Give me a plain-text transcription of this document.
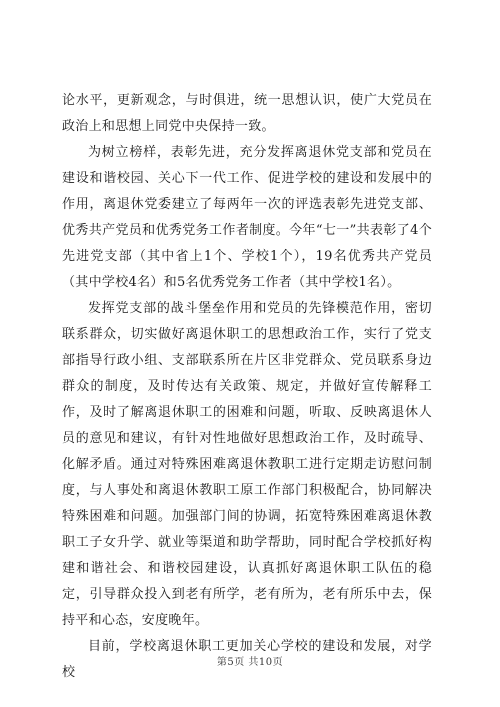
论水平，更新观念，与时俱进，统一思想认识，使广大党员在政治上和思想上同党中央保持一致。

为树立榜样，表彰先进，充分发挥离退休党支部和党员在建设和谐校园、关心下一代工作、促进学校的建设和发展中的作用，离退休党委建立了每两年一次的评选表彰先进党支部、优秀共产党员和优秀党务工作者制度。今年“七一”共表彰了4个先进党支部（其中省上1个、学校1个），19名优秀共产党员（其中学校4名）和5名优秀党务工作者（其中学校1名）。

发挥党支部的战斗堡垒作用和党员的先锋模范作用，密切联系群众，切实做好离退休职工的思想政治工作，实行了党支部指导行政小组、支部联系所在片区非党群众、党员联系身边群众的制度，及时传达有关政策、规定，并做好宣传解释工作，及时了解离退休职工的困难和问题，听取、反映离退休人员的意见和建议，有针对性地做好思想政治工作，及时疏导、化解矛盾。通过对特殊困难离退休教职工进行定期走访慰问制度，与人事处和离退休教职工原工作部门积极配合，协同解决特殊困难和问题。加强部门间的协调，拓宽特殊困难离退休教职工子女升学、就业等渠道和助学帮助，同时配合学校抓好构建和谐社会、和谐校园建设，认真抓好离退休职工队伍的稳定，引导群众投入到老有所学，老有所为，老有所乐中去，保持平和心态，安度晚年。

目前，学校离退休职工更加关心学校的建设和发展，对学校

第5页 共10页
